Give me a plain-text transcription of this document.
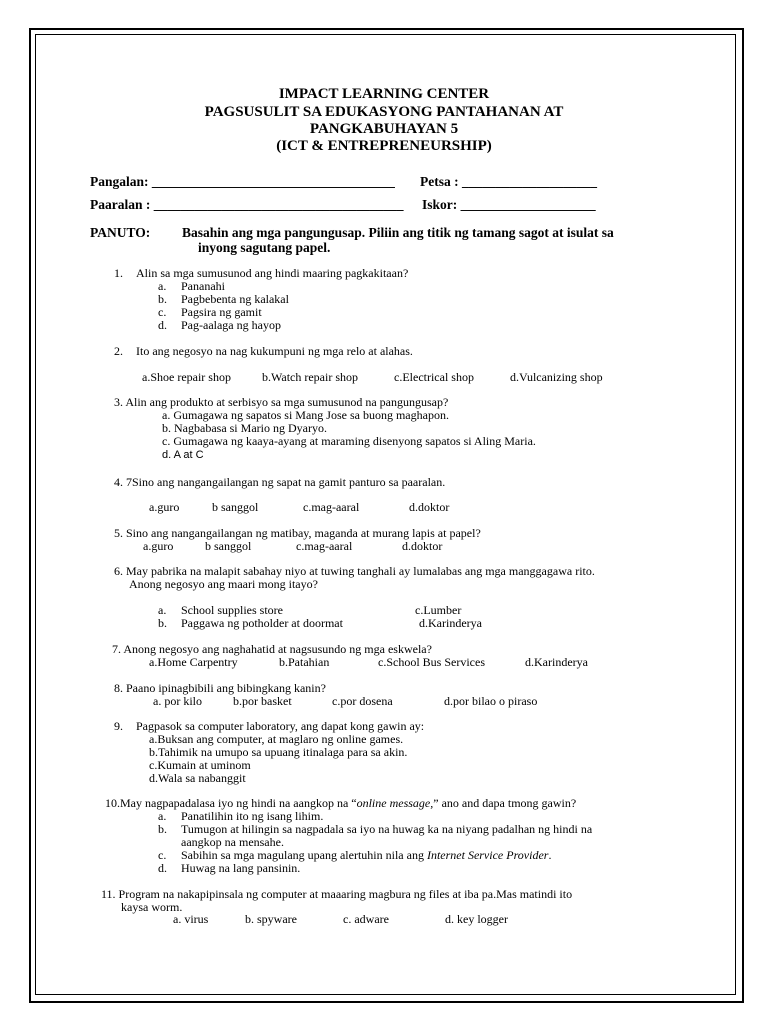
IMPACT LEARNING CENTER
PAGSUSULIT SA EDUKASYONG PANTAHANAN AT
PANGKABUHAYAN 5
(ICT & ENTREPRENEURSHIP)
Pangalan: ____________________________________ Petsa : ____________________
Paaralan : _____________________________________ Iskor: ____________________
PANUTO: Basahin ang mga pangungusap. Piliin ang titik ng tamang sagot at isulat sa
inyong sagutang papel.
1. Alin sa mga sumusunod ang hindi maaring pagkakitaan?
a. Pananahi
b. Pagbebenta ng kalakal
c. Pagsira ng gamit
d. Pag-aalaga ng hayop
2. Ito ang negosyo na nag kukumpuni ng mga relo at alahas.
a.Shoe repair shop	b.Watch repair shop	c.Electrical shop	d.Vulcanizing shop
3. Alin ang produkto at serbisyo sa mga sumusunod na pangungusap?
a. Gumagawa ng sapatos si Mang Jose sa buong maghapon.
b. Nagbabasa si Mario ng Dyaryo.
c. Gumagawa ng kaaya-ayang at maraming disenyong sapatos si Aling Maria.
d. A at C
4. 7Sino ang nangangailangan ng sapat na gamit panturo sa paaralan.
a.guro	b sanggol	c.mag-aaral	d.doktor
5. Sino ang nangangailangan ng matibay, maganda at murang lapis at papel?
a.guro	b sanggol	c.mag-aaral	d.doktor
6. May pabrika na malapit sabahay niyo at tuwing tanghali ay lumalabas ang mga manggagawa rito.
Anong negosyo ang maari mong itayo?
a. School supplies store	c.Lumber
b. Paggawa ng potholder at doormat	d.Karinderya
7. Anong negosyo ang naghahatid at nagsusundo ng mga eskwela?
a.Home Carpentry	b.Patahian	c.School Bus Services	d.Karinderya
8. Paano ipinagbibili ang bibingkang kanin?
a. por kilo	b.por basket	c.por dosena	d.por bilao o piraso
9. Pagpasok sa computer laboratory, ang dapat kong gawin ay:
a.Buksan ang computer, at maglaro ng online games.
b.Tahimik na umupo sa upuang itinalaga para sa akin.
c.Kumain at uminom
d.Wala sa nabanggit
10.May nagpapadalasa iyo ng hindi na aangkop na “online message,” ano and dapa tmong gawin?
a. Panatilihin ito ng isang lihim.
b. Tumugon at hilingin sa nagpadala sa iyo na huwag ka na niyang padalhan ng hindi na
aangkop na mensahe.
c. Sabihin sa mga magulang upang alertuhin nila ang Internet Service Provider.
d. Huwag na lang pansinin.
11. Program na nakapipinsala ng computer at maaaring magbura ng files at iba pa.Mas matindi ito
kaysa worm.
a. virus	b. spyware	c. adware	d. key logger
